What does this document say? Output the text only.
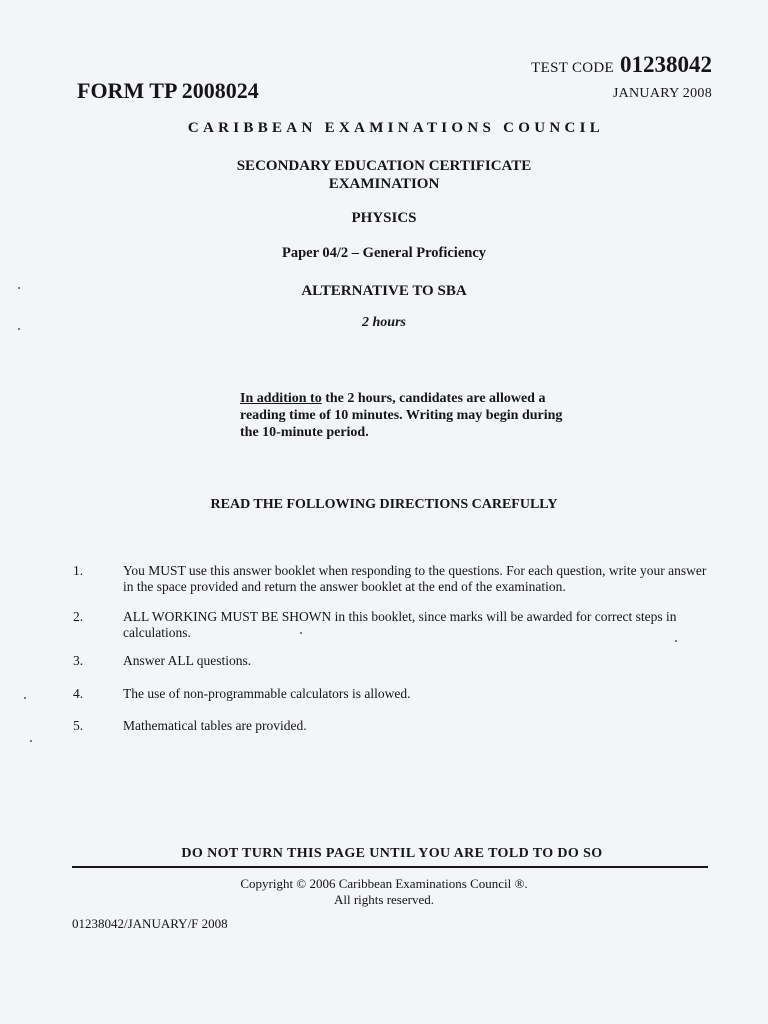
TEST CODE 01238042
JANUARY 2008
FORM TP 2008024
CARIBBEAN EXAMINATIONS COUNCIL
SECONDARY EDUCATION CERTIFICATE
EXAMINATION
PHYSICS
Paper 04/2 – General Proficiency
ALTERNATIVE TO SBA
2 hours
In addition to the 2 hours, candidates are allowed a reading time of 10 minutes. Writing may begin during the 10-minute period.
READ THE FOLLOWING DIRECTIONS CAREFULLY
1.	You MUST use this answer booklet when responding to the questions. For each question, write your answer in the space provided and return the answer booklet at the end of the examination.
2.	ALL WORKING MUST BE SHOWN in this booklet, since marks will be awarded for correct steps in calculations.
3.	Answer ALL questions.
4.	The use of non-programmable calculators is allowed.
5.	Mathematical tables are provided.
DO NOT TURN THIS PAGE UNTIL YOU ARE TOLD TO DO SO
Copyright © 2006 Caribbean Examinations Council ®.
All rights reserved.
01238042/JANUARY/F 2008
